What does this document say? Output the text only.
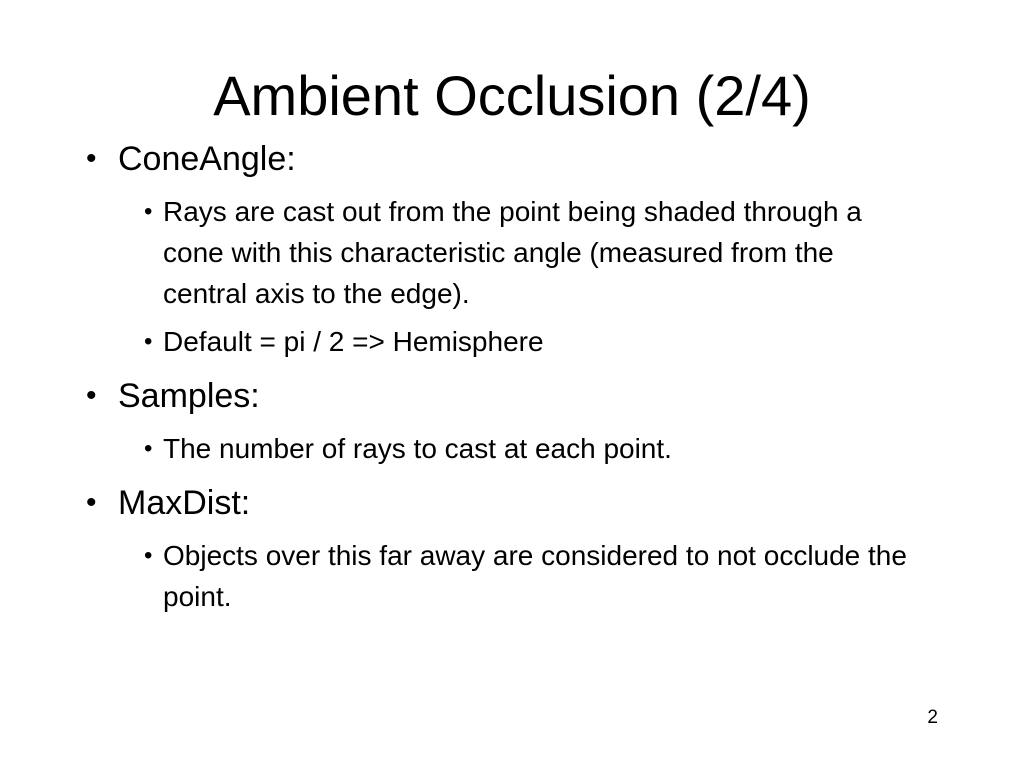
Ambient Occlusion (2/4)
• ConeAngle:
• Rays are cast out from the point being shaded through a cone with this characteristic angle (measured from the central axis to the edge).
• Default = pi / 2 => Hemisphere
• Samples:
• The number of rays to cast at each point.
• MaxDist:
• Objects over this far away are considered to not occlude the point.
2
